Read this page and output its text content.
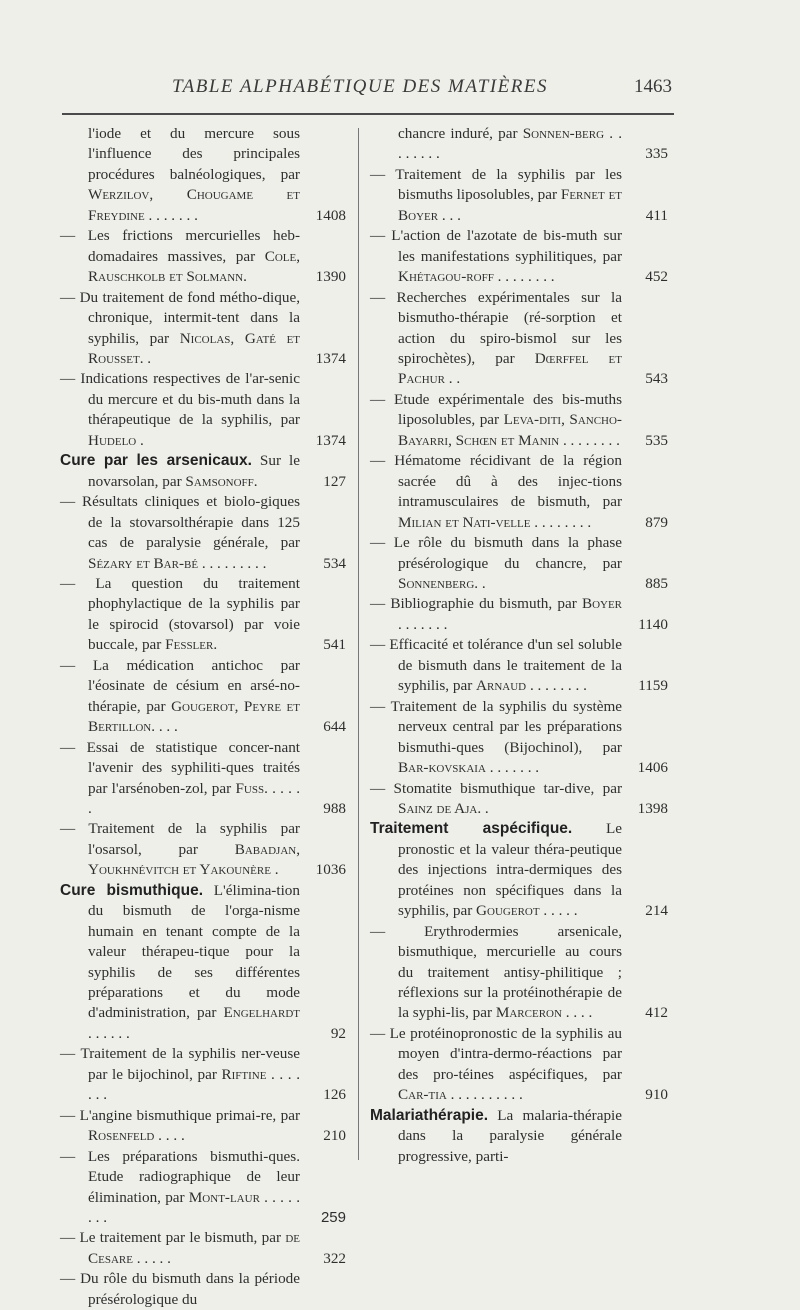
TABLE ALPHABÉTIQUE DES MATIÈRES	1463
l'iode et du mercure sous l'influence des principales procédures balnéologiques, par Werzilov, Chougame et Freydine . . . . . . .	1408
— Les frictions mercurielles heb-domadaires massives, par Cole, Rauschkolb et Solmann.	1390
— Du traitement de fond métho-dique, chronique, intermit-tent dans la syphilis, par Nicolas, Gaté et Rousset. .	1374
— Indications respectives de l'ar-senic du mercure et du bis-muth dans la thérapeutique de la syphilis, par Hudelo .	1374
Cure par les arsenicaux. Sur le novarsolan, par Samsonoff.	127
— Résultats cliniques et biolo-giques de la stovarsolthérapie dans 125 cas de paralysie générale, par Sézary et Bar-bé . . . . . . . . .	534
— La question du traitement phophylactique de la syphilis par le spirocid (stovarsol) par voie buccale, par Fessler.	541
— La médication antichoc par l'éosinate de césium en arsé-no-thérapie, par Gougerot, Peyre et Bertillon. . . .	644
— Essai de statistique concer-nant l'avenir des syphiliti-ques traités par l'arsénoben-zol, par Fuss. . . . . .	988
— Traitement de la syphilis par l'osarsol, par Babadjan, Youkhnévitch et Yakounère . 1036
Cure bismuthique. L'élimina-tion du bismuth de l'orga-nisme humain en tenant compte de la valeur thérapeu-tique pour la syphilis de ses différentes préparations et du mode d'administration, par Engelhardt . . . . . .	92
— Traitement de la syphilis ner-veuse par le bijochinol, par Riftine . . . . . . .	126
— L'angine bismuthique primai-re, par Rosenfeld . . . .	210
— Les préparations bismuthi-ques. Etude radiographique de leur élimination, par Mont-laur . . . . . . . .	259
— Le traitement par le bismuth, par de Cesare . . . . .	322
— Du rôle du bismuth dans la période présérologique du
chancre induré, par Sonnen-berg . . . . . . . .	335
— Traitement de la syphilis par les bismuths liposolubles, par Fernet et Boyer . . .	411
— L'action de l'azotate de bis-muth sur les manifestations syphilitiques, par Khétagou-roff . . . . . . . .	452
— Recherches expérimentales sur la bismutho-thérapie (ré-sorption et action du spiro-bismol sur les spirochètes), par Dœrffel et Pachur . .	543
— Etude expérimentale des bis-muths liposolubles, par Leva-diti, Sancho-Bayarri, Schœn et Manin . . . . . . . . 535
— Hématome récidivant de la région sacrée dû à des injec-tions intramusculaires de bismuth, par Milian et Nati-velle . . . . . . . .	879
— Le rôle du bismuth dans la phase présérologique du chancre, par Sonnenberg. .	885
— Bibliographie du bismuth, par Boyer . . . . . . .	1140
— Efficacité et tolérance d'un sel soluble de bismuth dans le traitement de la syphilis, par Arnaud . . . . . . . .	1159
— Traitement de la syphilis du système nerveux central par les préparations bismuthi-ques (Bijochinol), par Bar-kovskaia . . . . . . .	1406
— Stomatite bismuthique tar-dive, par Sainz de Aja. .	1398
Traitement aspécifique. Le pronostic et la valeur théra-peutique des injections intra-dermiques des protéines non spécifiques dans la syphilis, par Gougerot . . . . .	214
— Erythrodermies arsenicale, bismuthique, mercurielle au cours du traitement antisy-philitique ; réflexions sur la protéinothérapie de la syphi-lis, par Marceron . . . .	412
— Le protéinopronostic de la syphilis au moyen d'intra-dermo-réactions par des pro-téines aspécifiques, par Car-tia . . . . . . . . . .	910
Malariathérapie. La malaria-thérapie dans la paralysie générale progressive, parti-
